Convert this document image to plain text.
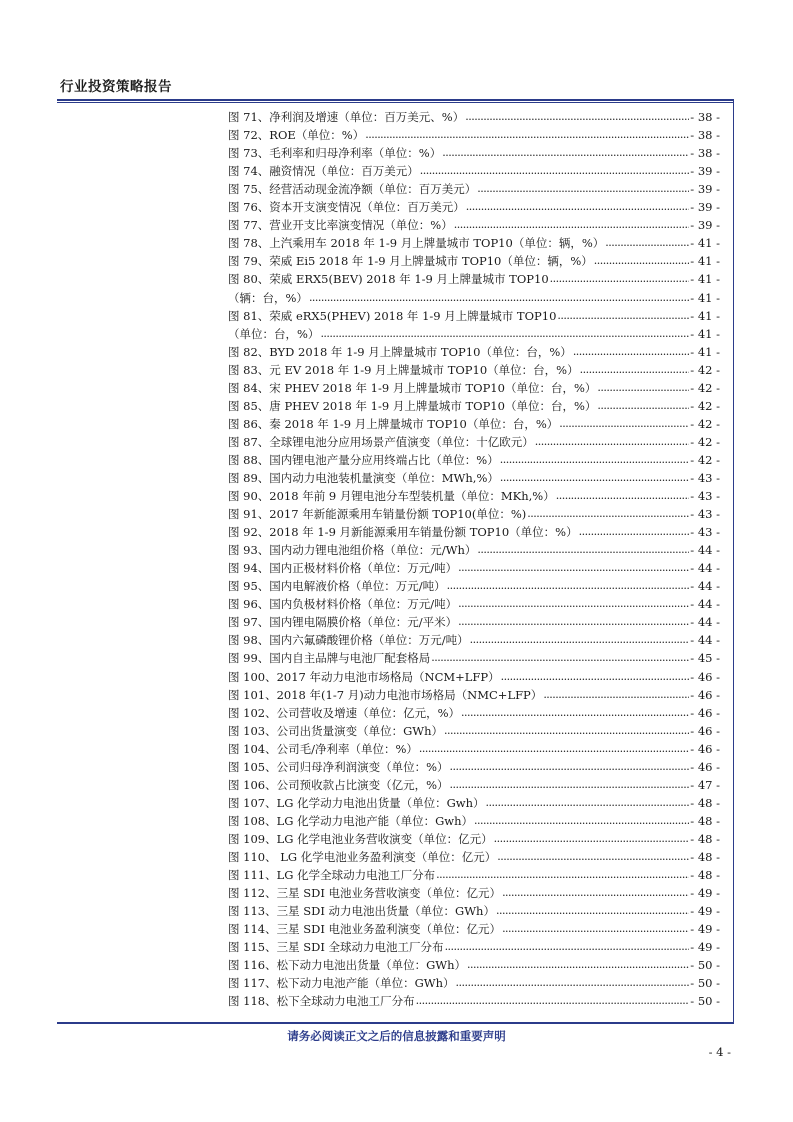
行业投资策略报告
图 71、净利润及增速（单位：百万美元、%） .....	- 38 -
图 72、ROE（单位：%） .....	- 38 -
图 73、毛利率和归母净利率（单位：%） .....	- 38 -
图 74、融资情况（单位：百万美元） .....	- 39 -
图 75、经营活动现金流净额（单位：百万美元） .....	- 39 -
图 76、资本开支演变情况（单位：百万美元） .....	- 39 -
图 77、营业开支比率演变情况（单位：%） .....	- 39 -
图 78、上汽乘用车 2018 年 1-9 月上牌量城市 TOP10（单位：辆，%） .....	- 41 -
图 79、荣威 Ei5 2018 年 1-9 月上牌量城市 TOP10（单位：辆，%） .....	- 41 -
图 80、荣威 ERX5(BEV) 2018 年 1-9 月上牌量城市 TOP10 .....	- 41 -
（辆：台，%） .....	- 41 -
图 81、荣威 eRX5(PHEV) 2018 年 1-9 月上牌量城市 TOP10 .....	- 41 -
（单位：台，%） .....	- 41 -
图 82、BYD 2018 年 1-9 月上牌量城市 TOP10（单位：台，%） .....	- 41 -
图 83、元 EV 2018 年 1-9 月上牌量城市 TOP10（单位：台，%） .....	- 42 -
图 84、宋 PHEV 2018 年 1-9 月上牌量城市 TOP10（单位：台，%） .....	- 42 -
图 85、唐 PHEV 2018 年 1-9 月上牌量城市 TOP10（单位：台，%） .....	- 42 -
图 86、秦 2018 年 1-9 月上牌量城市 TOP10（单位：台，%） .....	- 42 -
图 87、全球锂电池分应用场景产值演变（单位：十亿欧元） .....	- 42 -
图 88、国内锂电池产量分应用终端占比（单位：%） .....	- 42 -
图 89、国内动力电池装机量演变（单位：MWh,%） .....	- 43 -
图 90、2018 年前 9 月锂电池分车型装机量（单位：MKh,%） .....	- 43 -
图 91、2017 年新能源乘用车销量份额 TOP10(单位：%) .....	- 43 -
图 92、2018 年 1-9 月新能源乘用车销量份额 TOP10（单位：%） .....	- 43 -
图 93、国内动力锂电池组价格（单位：元/Wh） .....	- 44 -
图 94、国内正极材料价格（单位：万元/吨） .....	- 44 -
图 95、国内电解液价格（单位：万元/吨） .....	- 44 -
图 96、国内负极材料价格（单位：万元/吨） .....	- 44 -
图 97、国内锂电隔膜价格（单位：元/平米） .....	- 44 -
图 98、国内六氟磷酸锂价格（单位：万元/吨） .....	- 44 -
图 99、国内自主品牌与电池厂配套格局 .....	- 45 -
图 100、2017 年动力电池市场格局（NCM+LFP） .....	- 46 -
图 101、2018 年(1-7 月)动力电池市场格局（NMC+LFP） .....	- 46 -
图 102、公司营收及增速（单位：亿元，%） .....	- 46 -
图 103、公司出货量演变（单位：GWh） .....	- 46 -
图 104、公司毛/净利率（单位：%） .....	- 46 -
图 105、公司归母净利润演变（单位：%） .....	- 46 -
图 106、公司预收款占比演变（亿元，%） .....	- 47 -
图 107、LG 化学动力电池出货量（单位：Gwh） .....	- 48 -
图 108、LG 化学动力电池产能（单位：Gwh） .....	- 48 -
图 109、LG 化学电池业务营收演变（单位：亿元） .....	- 48 -
图 110、 LG 化学电池业务盈利演变（单位：亿元） .....	- 48 -
图 111、LG 化学全球动力电池工厂分布 .....	- 48 -
图 112、三星 SDI 电池业务营收演变（单位：亿元） .....	- 49 -
图 113、三星 SDI 动力电池出货量（单位：GWh） .....	- 49 -
图 114、三星 SDI 电池业务盈利演变（单位：亿元） .....	- 49 -
图 115、三星 SDI 全球动力电池工厂分布 .....	- 49 -
图 116、松下动力电池出货量（单位：GWh） .....	- 50 -
图 117、松下动力电池产能（单位：GWh） .....	- 50 -
图 118、松下全球动力电池工厂分布 .....	- 50 -
请务必阅读正文之后的信息披露和重要声明
- 4 -
